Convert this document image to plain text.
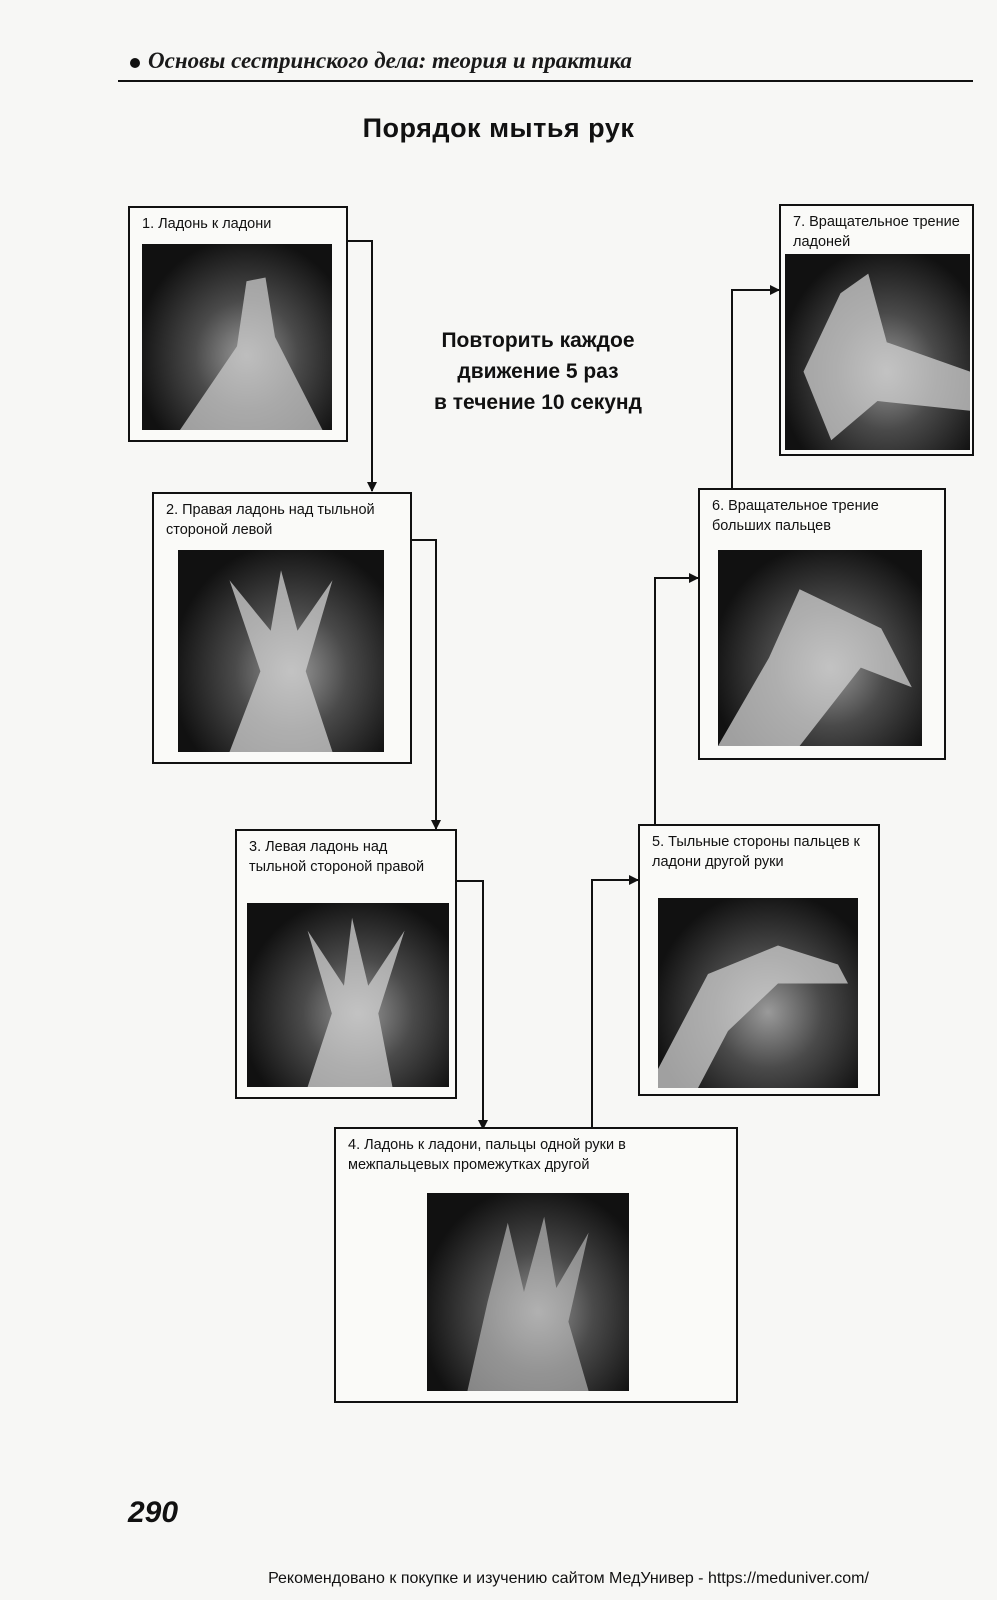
Основы сестринского дела: теория и практика
Порядок мытья рук
Повторить каждое
движение 5 раз
в течение 10 секунд
1. Ладонь к ладони
2. Правая ладонь над тыльной стороной левой
3. Левая ладонь над тыльной стороной правой
4. Ладонь к ладони, пальцы одной руки в межпальцевых промежутках другой
5. Тыльные стороны пальцев к ладони другой руки
6. Вращательное трение больших пальцев
7. Вращательное трение ладоней
290
Рекомендовано к покупке и изучению сайтом МедУнивер - https://meduniver.com/
